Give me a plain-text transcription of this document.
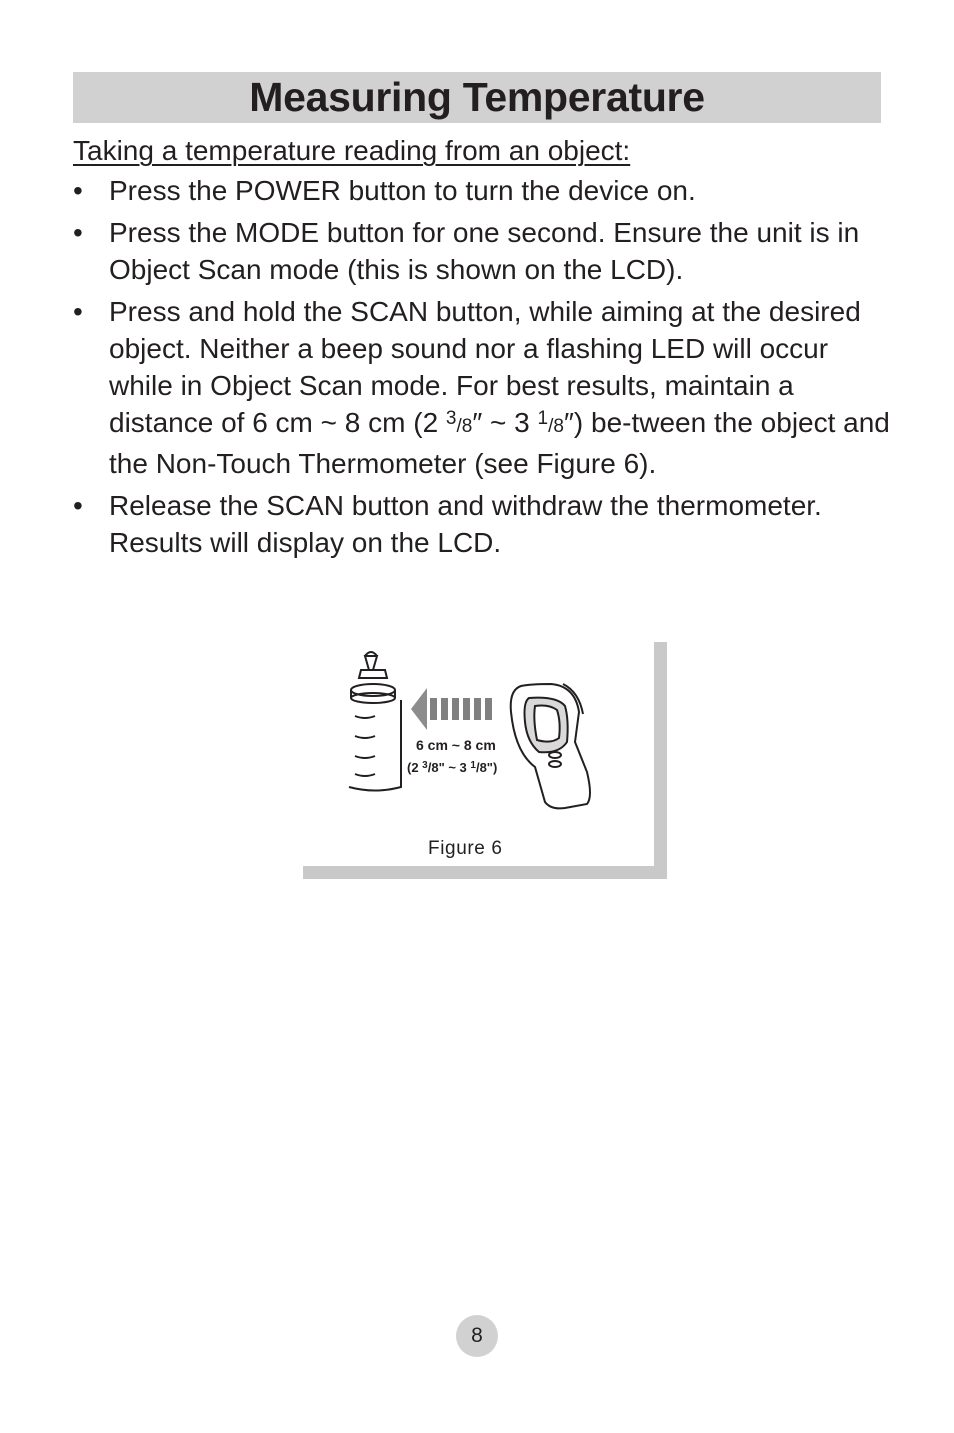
Measuring Temperature

Taking a temperature reading from an object:

• Press the POWER button to turn the device on.
• Press the MODE button for one second. Ensure the unit is in Object Scan mode (this is shown on the LCD).
• Press and hold the SCAN button, while aiming at the desired object. Neither a beep sound nor a flashing LED will occur while in Object Scan mode. For best results, maintain a distance of 6 cm ~ 8 cm (2 $^3$/8″ ~ 3 $^1$/8″) be-tween the object and the Non-Touch Thermometer (see Figure 6).
• Release the SCAN button and withdraw the thermometer. Results will display on the LCD.
6 cm ~ 8 cm
(2 $^3$/8" ~ 3 $^1$/8")
Figure 6
8
